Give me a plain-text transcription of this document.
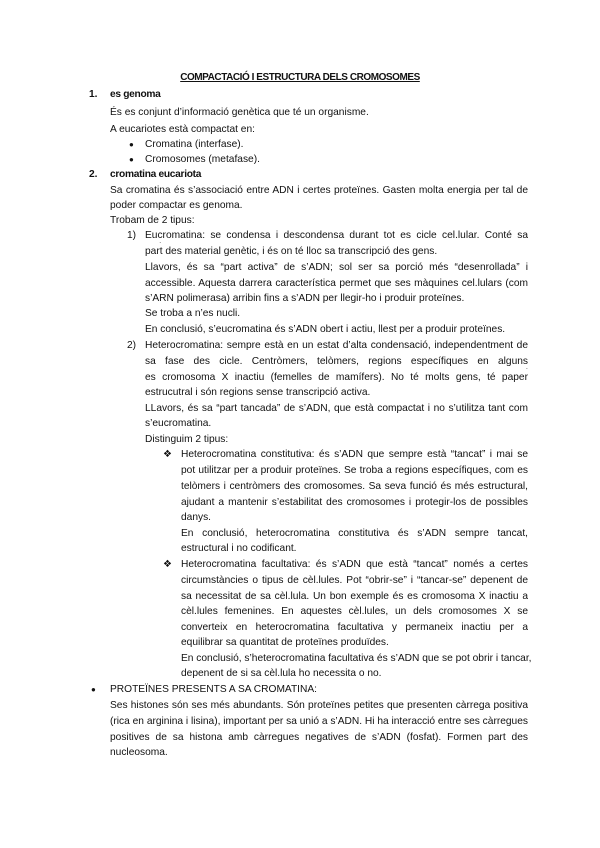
COMPACTACIÓ I ESTRUCTURA DELS CROMOSOMES
1. es genoma
És es conjunt d’informació genètica que té un organisme.
A eucariotes està compactat en:
● Cromatina (interfase).
● Cromosomes (metafase).
2. cromatina eucariota
Sa cromatina és s’associació entre ADN i certes proteïnes. Gasten molta energia per tal de
poder compactar es genoma.
Trobam de 2 tipus:
1) Eucromatina: se condensa i descondensa durant tot es cicle cel.lular. Conté sa
part des material genètic, i és on té lloc sa transcripció des gens.
Llavors, és sa “part activa” de s’ADN; sol ser sa porció més “desenrollada” i
accessible. Aquesta darrera característica permet que ses màquines cel.lulars (com
s’ARN polimerasa) arribin fins a s’ADN per llegir-ho i produir proteïnes.
Se troba a n’es nucli.
En conclusió, s’eucromatina és s’ADN obert i actiu, llest per a produir proteïnes.
2) Heterocromatina: sempre està en un estat d’alta condensació, independentment de
sa fase des cicle. Centròmers, telòmers, regions específiques en alguns
es cromosoma X inactiu (femelles de mamífers). No té molts gens, té paper
estrucutral i són regions sense transcripció activa.
LLavors, és sa “part tancada” de s’ADN, que està compactat i no s’utilitza tant com
s’eucromatina.
Distinguim 2 tipus:
❖ Heterocromatina constitutiva: és s’ADN que sempre està “tancat” i mai se
pot utilitzar per a produir proteïnes. Se troba a regions específiques, com es
telòmers i centròmers des cromosomes. Sa seva funció és més estructural,
ajudant a mantenir s’estabilitat des cromosomes i protegir-los de possibles
danys.
En conclusió, heterocromatina constitutiva és s’ADN sempre tancat,
estructural i no codificant.
❖ Heterocromatina facultativa: és s’ADN que està “tancat” només a certes
circumstàncies o tipus de cèl.lules. Pot “obrir-se” i “tancar-se” depenent de
sa necessitat de sa cèl.lula. Un bon exemple és es cromosoma X inactiu a
cèl.lules femenines. En aquestes cèl.lules, un dels cromosomes X se
converteix en heterocromatina facultativa y permaneix inactiu per a
equilibrar sa quantitat de proteïnes produïdes.
En conclusió, s’heterocromatina facultativa és s’ADN que se pot obrir i tancar,
depenent de si sa cèl.lula ho necessita o no.
● PROTEÏNES PRESENTS A SA CROMATINA:
Ses histones són ses més abundants. Són proteïnes petites que presenten càrrega positiva
(rica en arginina i lisina), important per sa unió a s’ADN. Hi ha interacció entre ses càrregues
positives de sa histona amb càrregues negatives de s’ADN (fosfat). Formen part des
nucleosoma.
